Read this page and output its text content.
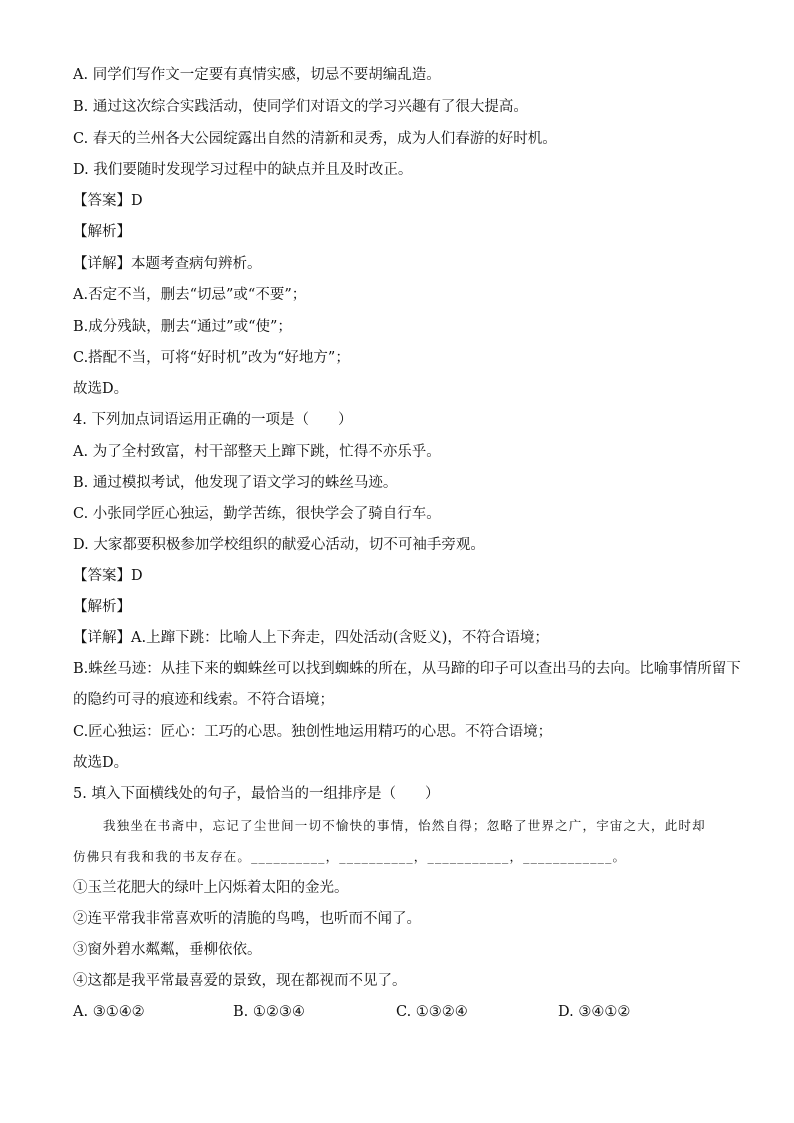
A. 同学们写作文一定要有真情实感，切忌不要胡编乱造。
B. 通过这次综合实践活动，使同学们对语文的学习兴趣有了很大提高。
C. 春天的兰州各大公园绽露出自然的清新和灵秀，成为人们春游的好时机。
D. 我们要随时发现学习过程中的缺点并且及时改正。
【答案】D
【解析】
【详解】本题考查病句辨析。
A.否定不当，删去“切忌”或“不要”；
B.成分残缺，删去“通过”或“使”；
C.搭配不当，可将“好时机”改为“好地方”；
故选D。
4. 下列加点词语运用正确的一项是（　　）
A. 为了全村致富，村干部整天上蹿下跳，忙得不亦乐乎。
B. 通过模拟考试，他发现了语文学习的蛛丝马迹。
C. 小张同学匠心独运，勤学苦练，很快学会了骑自行车。
D. 大家都要积极参加学校组织的献爱心活动，切不可袖手旁观。
【答案】D
【解析】
【详解】A.上蹿下跳：比喻人上下奔走，四处活动(含贬义)，不符合语境；
B.蛛丝马迹：从挂下来的蜘蛛丝可以找到蜘蛛的所在，从马蹄的印子可以查出马的去向。比喻事情所留下
的隐约可寻的痕迹和线索。不符合语境；
C.匠心独运：匠心：工巧的心思。独创性地运用精巧的心思。不符合语境；
故选D。
5. 填入下面横线处的句子，最恰当的一组排序是（　　）
我独坐在书斋中，忘记了尘世间一切不愉快的事情，怡然自得；忽略了世界之广，宇宙之大，此时却
仿佛只有我和我的书友存在。__________，__________，___________，____________。
①玉兰花肥大的绿叶上闪烁着太阳的金光。
②连平常我非常喜欢听的清脆的鸟鸣，也听而不闻了。
③窗外碧水粼粼，垂柳依依。
④这都是我平常最喜爱的景致，现在都视而不见了。
A. ③①④②	B. ①②③④	C. ①③②④	D. ③④①②
